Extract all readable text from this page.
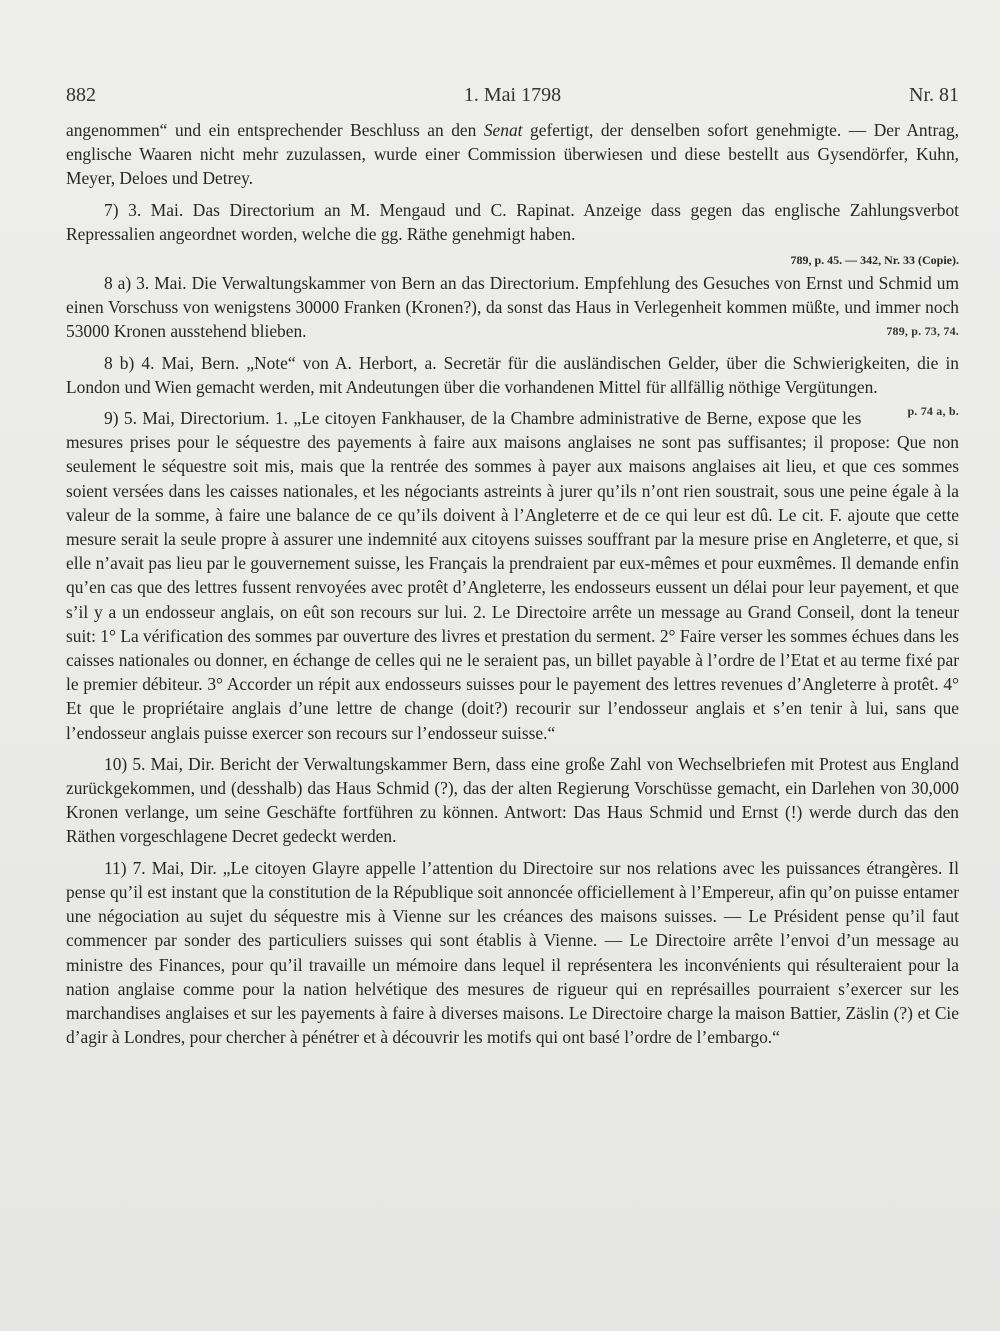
882	1. Mai 1798	Nr. 81

angenommen“ und ein entsprechender Beschluss an den Senat gefertigt, der denselben sofort genehmigte. — Der Antrag, englische Waaren nicht mehr zuzulassen, wurde einer Commission überwiesen und diese bestellt aus Gysendörfer, Kuhn, Meyer, Deloes und Detrey.

7) 3. Mai. Das Directorium an M. Mengaud und C. Rapinat. Anzeige dass gegen das englische Zahlungsverbot Repressalien angeordnet worden, welche die gg. Räthe genehmigt haben.

789, p. 45. — 342, Nr. 33 (Copie).

8 a) 3. Mai. Die Verwaltungskammer von Bern an das Directorium. Empfehlung des Gesuches von Ernst und Schmid um einen Vorschuss von wenigstens 30000 Franken (Kronen?), da sonst das Haus in Verlegenheit kommen müßte, und immer noch 53000 Kronen ausstehend blieben.	789, p. 73, 74.

8 b) 4. Mai, Bern. „Note“ von A. Herbort, a. Secretär für die ausländischen Gelder, über die Schwierigkeiten, die in London und Wien gemacht werden, mit Andeutungen über die vorhandenen Mittel für allfällig nöthige Vergütungen.
p. 74 a, b.

9) 5. Mai, Directorium. 1. „Le citoyen Fankhauser, de la Chambre administrative de Berne, expose que les mesures prises pour le séquestre des payements à faire aux maisons anglaises ne sont pas suffisantes; il propose: Que non seulement le séquestre soit mis, mais que la rentrée des sommes à payer aux maisons anglaises ait lieu, et que ces sommes soient versées dans les caisses nationales, et les négociants astreints à jurer qu’ils n’ont rien soustrait, sous une peine égale à la valeur de la somme, à faire une balance de ce qu’ils doivent à l’Angleterre et de ce qui leur est dû. Le cit. F. ajoute que cette mesure serait la seule propre à assurer une indemnité aux citoyens suisses souffrant par la mesure prise en Angleterre, et que, si elle n’avait pas lieu par le gouvernement suisse, les Français la prendraient par eux-mêmes et pour euxmêmes. Il demande enfin qu’en cas que des lettres fussent renvoyées avec protêt d’Angleterre, les endosseurs eussent un délai pour leur payement, et que s’il y a un endosseur anglais, on eût son recours sur lui. 2. Le Directoire arrête un message au Grand Conseil, dont la teneur suit: 1° La vérification des sommes par ouverture des livres et prestation du serment. 2° Faire verser les sommes échues dans les caisses nationales ou donner, en échange de celles qui ne le seraient pas, un billet payable à l’ordre de l’Etat et au terme fixé par le premier débiteur. 3° Accorder un répit aux endosseurs suisses pour le payement des lettres revenues d’Angleterre à protêt. 4° Et que le propriétaire anglais d’une lettre de change (doit?) recourir sur l’endosseur anglais et s’en tenir à lui, sans que l’endosseur anglais puisse exercer son recours sur l’endosseur suisse.“

10) 5. Mai, Dir. Bericht der Verwaltungskammer Bern, dass eine große Zahl von Wechselbriefen mit Protest aus England zurückgekommen, und (desshalb) das Haus Schmid (?), das der alten Regierung Vorschüsse gemacht, ein Darlehen von 30,000 Kronen verlange, um seine Geschäfte fortführen zu können. Antwort: Das Haus Schmid und Ernst (!) werde durch das den Räthen vorgeschlagene Decret gedeckt werden.

11) 7. Mai, Dir. „Le citoyen Glayre appelle l’attention du Directoire sur nos relations avec les puissances étrangères. Il pense qu’il est instant que la constitution de la République soit annoncée officiellement à l’Empereur, afin qu’on puisse entamer une négociation au sujet du séquestre mis à Vienne sur les créances des maisons suisses. — Le Président pense qu’il faut commencer par sonder des particuliers suisses qui sont établis à Vienne. — Le Directoire arrête l’envoi d’un message au ministre des Finances, pour qu’il travaille un mémoire dans lequel il représentera les inconvénients qui résulteraient pour la nation anglaise comme pour la nation helvétique des mesures de rigueur qui en représailles pourraient s’exercer sur les marchandises anglaises et sur les payements à faire à diverses maisons. Le Directoire charge la maison Battier, Zäslin (?) et Cie d’agir à Londres, pour chercher à pénétrer et à découvrir les motifs qui ont basé l’ordre de l’embargo.“
